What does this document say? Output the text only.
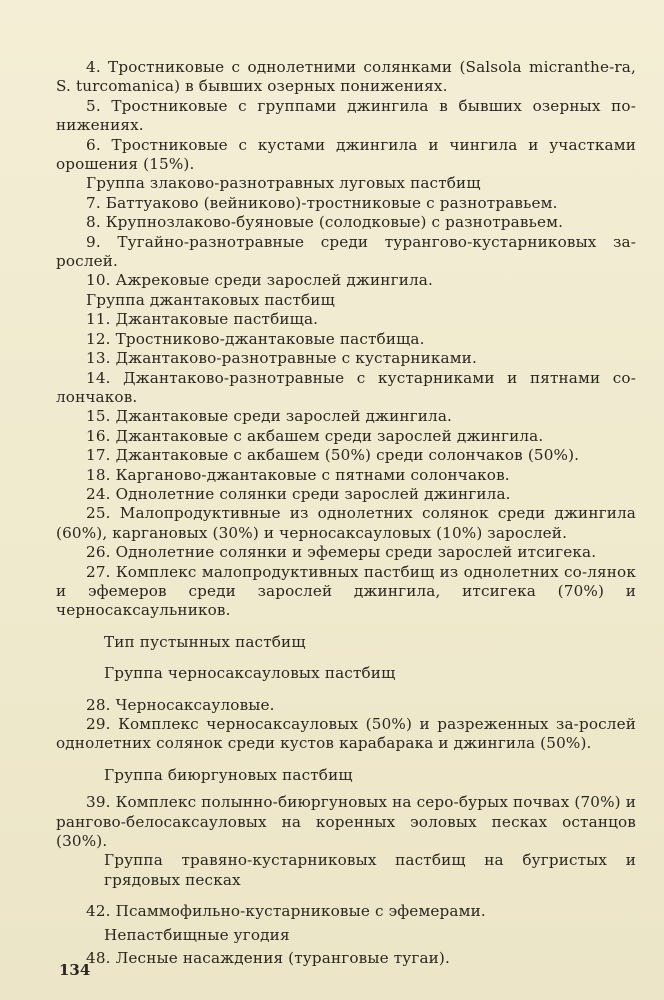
4. Тростниковые с однолетними солянками (Salsola micranthe-ra, S. turcomanica) в бывших озерных понижениях.

5. Тростниковые с группами джингила в бывших озерных по-нижениях.

6. Тростниковые с кустами джингила и чингила и участками орошения (15%).

Группа злаково-разнотравных луговых пастбищ

7. Баттуаково (вейниково)-тростниковые с разнотравьем.

8. Крупнозлаково-буяновые (солодковые) с разнотравьем.

9. Тугайно-разнотравные среди турангово-кустарниковых за-рослей.

10. Ажрековые среди зарослей джингила.

Группа джантаковых пастбищ

11. Джантаковые пастбища.

12. Тростниково-джантаковые пастбища.

13. Джантаково-разнотравные с кустарниками.

14. Джантаково-разнотравные с кустарниками и пятнами со-лончаков.

15. Джантаковые среди зарослей джингила.

16. Джантаковые с акбашем среди зарослей джингила.

17. Джантаковые с акбашем (50%) среди солончаков (50%).

18. Карганово-джантаковые с пятнами солончаков.

24. Однолетние солянки среди зарослей джингила.

25. Малопродуктивные из однолетних солянок среди джингила (60%), каргановых (30%) и черносаксауловых (10%) зарослей.

26. Однолетние солянки и эфемеры среди зарослей итсигека.

27. Комплекс малопродуктивных пастбищ из однолетних со-лянок и эфемеров среди зарослей джингила, итсигека (70%) и черносаксаульников.

Тип пустынных пастбищ

Группа черносаксауловых пастбищ

28. Черносаксауловые.

29. Комплекс черносаксауловых (50%) и разреженных за-рослей однолетних солянок среди кустов карабарака и джингила (50%).

Группа биюргуновых пастбищ

39. Комплекс полынно-биюргуновых на серо-бурых почвах (70%) и рангово-белосаксауловых на коренных эоловых песках останцов (30%).

Группа травяно-кустарниковых пастбищ на бугристых и грядовых песках

42. Псаммофильно-кустарниковые с эфемерами.

Непастбищные угодия

48. Лесные насаждения (туранговые тугаи).

134
